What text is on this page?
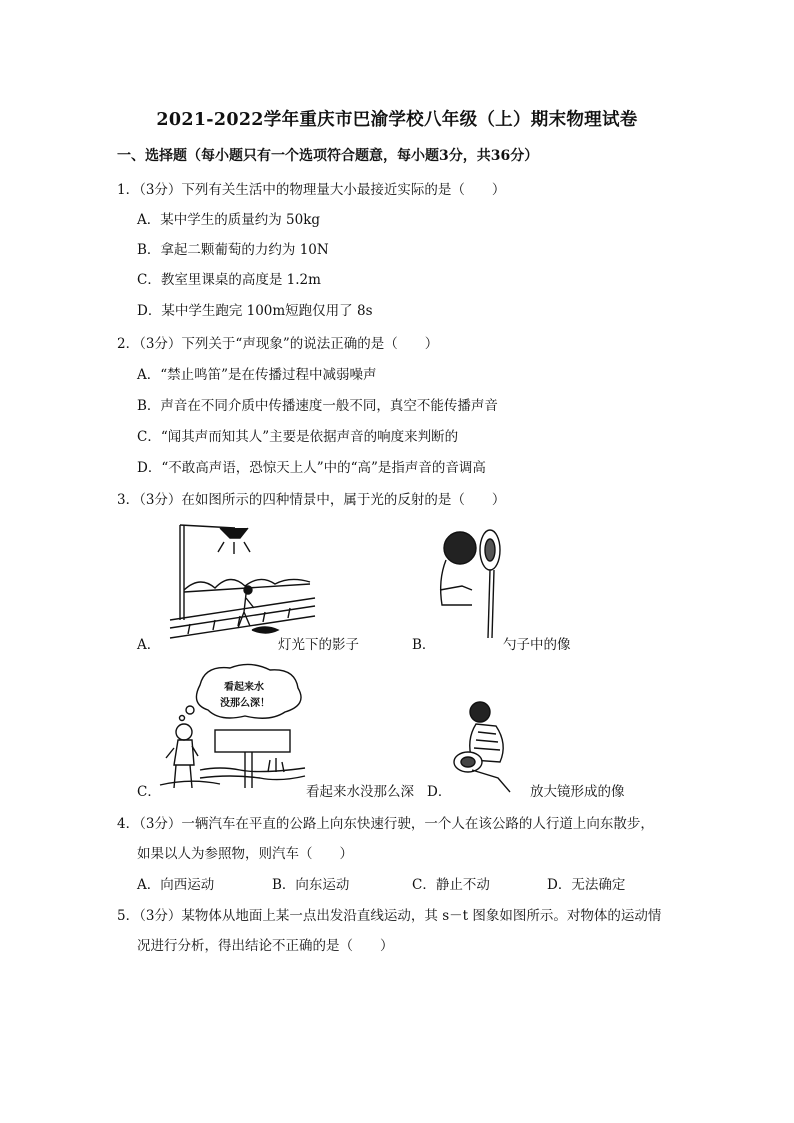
2021-2022学年重庆市巴渝学校八年级（上）期末物理试卷
一、选择题（每小题只有一个选项符合题意，每小题3分，共36分）
1．（3分）下列有关生活中的物理量大小最接近实际的是（　　）
A．某中学生的质量约为 50kg
B．拿起二颗葡萄的力约为 10N
C．教室里课桌的高度是 1.2m
D．某中学生跑完 100m短跑仅用了 8s
2．（3分）下列关于“声现象”的说法正确的是（　　）
A．“禁止鸣笛”是在传播过程中减弱噪声
B．声音在不同介质中传播速度一般不同，真空不能传播声音
C．“闻其声而知其人”主要是依据声音的响度来判断的
D．“不敢高声语，恐惊天上人”中的“高”是指声音的音调高
3．（3分）在如图所示的四种情景中，属于光的反射的是（　　）
A．	灯光下的影子	B．	勺子中的像
看起来水
没那么深！
C．	看起来水没那么深 D．	放大镜形成的像
4．（3分）一辆汽车在平直的公路上向东快速行驶，一个人在该公路的人行道上向东散步，
如果以人为参照物，则汽车（　　）
A．向西运动	B．向东运动	C．静止不动	D．无法确定
5．（3分）某物体从地面上某一点出发沿直线运动，其 s－t 图象如图所示。对物体的运动情
况进行分析，得出结论不正确的是（　　）
